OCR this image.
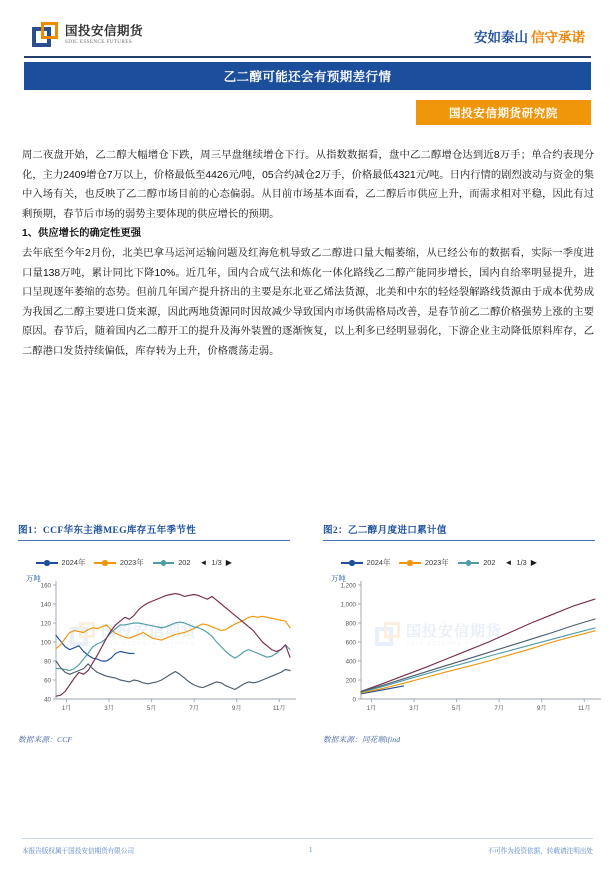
国投安信期货
SDIC ESSENCE FUTURES	安如泰山 信守承诺
乙二醇可能还会有预期差行情
国投安信期货研究院

周二夜盘开始，乙二醇大幅增仓下跌，周三早盘继续增仓下行。从指数数据看，盘中乙二醇增仓达到近8万手；单合约表现分化，主力2409增仓7万以上，价格最低至4426元/吨，05合约减仓2万手，价格最低4321元/吨。日内行情的剧烈波动与资金的集中入场有关，也反映了乙二醇市场目前的心态偏弱。从目前市场基本面看，乙二醇后市供应上升，而需求相对平稳，因此有过剩预期，春节后市场的弱势主要体现的供应增长的预期。

1、供应增长的确定性更强

去年底至今年2月份，北美巴拿马运河运输问题及红海危机导致乙二醇进口量大幅萎缩，从已经公布的数据看，实际一季度进口量138万吨，累计同比下降10%。近几年，国内合成气法和炼化一体化路线乙二醇产能同步增长，国内自给率明显提升，进口呈现逐年萎缩的态势。但前几年国产提升挤出的主要是东北亚乙烯法货源，北美和中东的轻烃裂解路线货源由于成本优势成为我国乙二醇主要进口货来源，因此两地货源同时因故减少导致国内市场供需格局改善，是春节前乙二醇价格强势上涨的主要原因。春节后，随着国内乙二醇开工的提升及海外装置的逐渐恢复，以上利多已经明显弱化，下游企业主动降低原料库存，乙二醇港口发货持续偏低，库存转为上升，价格震荡走弱。

图1：CCF华东主港MEG库存五年季节性
2024年	2023年	202 ◄ 1/3 ▶
万吨
国投安信期货
SDIC ESSENCE FUTURES
40
60
80
100
120
140
160
1月	3月	5月	7月	9月	11月
数据来源：CCF
图2：乙二醇月度进口累计值
2024年	2023年	202 ◄ 1/3 ▶
万吨
国投安信期货
SDIC ESSENCE FUTURES
0
200
400
600
800
1,000
1,200
1月	3月	5月	7月	9月	11月
数据来源：同花顺ifind
本报告版权属于国投安信期货有限公司	1	不可作为投资依据，转载请注明出处
